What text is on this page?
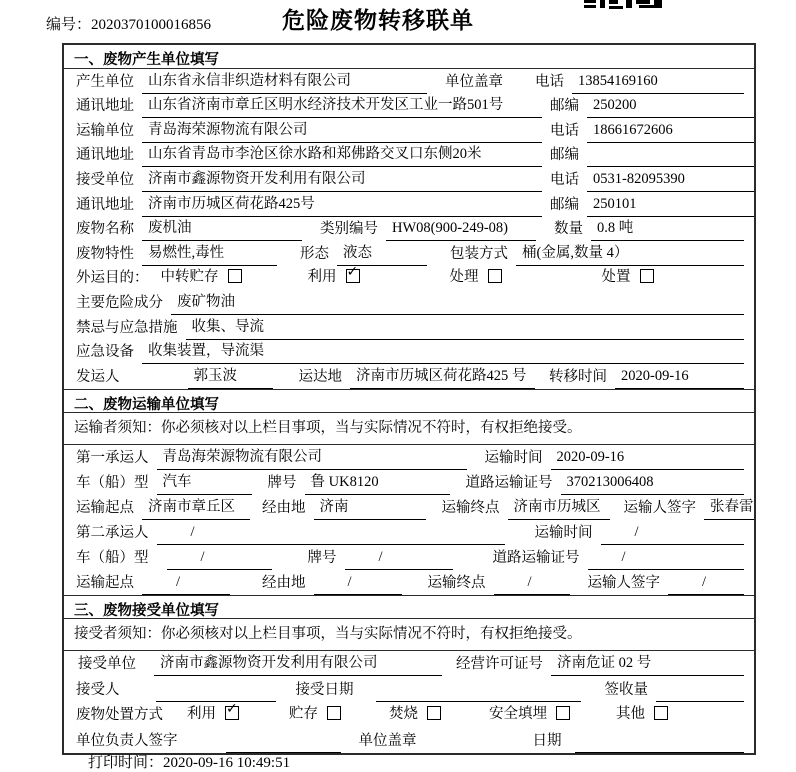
编号：2020370100016856	危险废物转移联单
一、废物产生单位填写
产生单位 山东省永信非织造材料有限公司	单位盖章 电话 13854169160
通讯地址 山东省济南市章丘区明水经济技术开发区工业一路501号	邮编 250200
运输单位 青岛海荣源物流有限公司	电话 18661672606
通讯地址 山东省青岛市李沧区徐水路和郑佛路交叉口东侧20米	邮编
接受单位 济南市鑫源物资开发利用有限公司	电话 0531-82095390
通讯地址 济南市历城区荷花路425号	邮编 250101
废物名称 废机油	类别编号 HW08(900-249-08)	数量 0.8 吨
废物特性 易燃性,毒性	形态 液态	包装方式 桶(金属,数量 4）
外运目的： 中转贮存	利用 ✓	处理	处置
主要危险成分 废矿物油
禁忌与应急措施 收集、导流
应急设备 收集装置，导流渠
发运人	郭玉波	运达地 济南市历城区荷花路425 号	转移时间 2020-09-16
二、废物运输单位填写
运输者须知：你必须核对以上栏目事项，当与实际情况不符时，有权拒绝接受。
第一承运人 青岛海荣源物流有限公司	运输时间 2020-09-16
车（船）型 汽车	牌号 鲁 UK8120	道路运输证号 370213006408
运输起点 济南市章丘区	经由地 济南	运输终点 济南市历城区	运输人签字 张春雷
第二承运人	/	运输时间	/
车（船）型	/	牌号	/	道路运输证号	/
运输起点	/	经由地	/	运输终点	/	运输人签字	/
三、废物接受单位填写
接受者须知：你必须核对以上栏目事项，当与实际情况不符时，有权拒绝接受。
接受单位	济南市鑫源物资开发利用有限公司	经营许可证号 济南危证 02 号
接受人	接受日期	签收量
废物处置方式 利用 ✓	贮存	焚烧	安全填埋	其他
单位负责人签字	单位盖章	日期
打印时间：2020-09-16 10:49:51
